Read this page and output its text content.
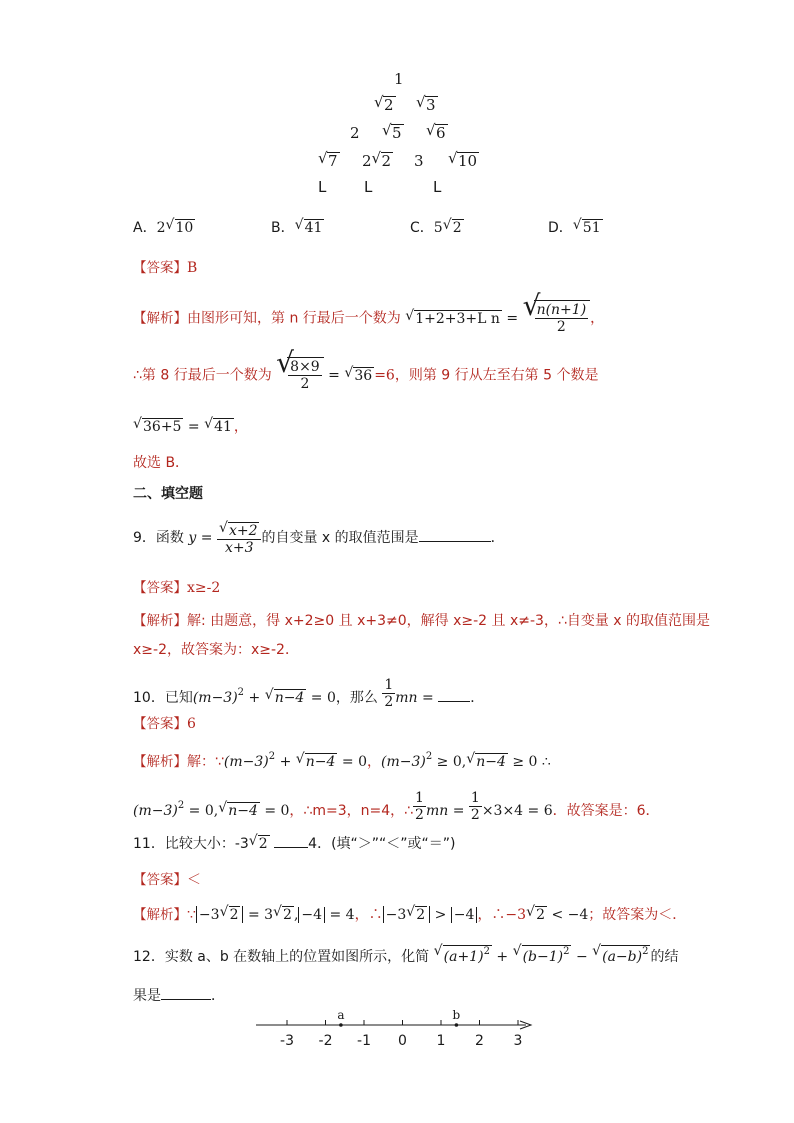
1
√ 2 √ 3
2 √ 5 √ 6
√ 7 2 √ 2 3 √ 10
L	L	L
A．2 √ 10	B． √ 41	C．5 √ 2	D． √ 51
【答案】B
【解析】由图形可知，第 n 行最后一个数为 √ 1+2+3+L n = √
$\frac{n(n+1)}{2}$ ，
∴第 8 行最后一个数为 √
$\frac{8\times 9}{2}$ = √ 36 =6，则第 9 行从左至右第 5 个数是
√ 36+5 = √ 41 ，
故选 B．
二、填空题
9．函数 $y = \frac{√ x+2}{x+3}$ 的自变量 x 的取值范围是	．
【答案】x≥-2
【解析】解: 由题意，得 x+2≥0 且 x+3≠0，解得 x≥-2 且 x≠-3，∴自变量 x 的取值范围是
x≥-2，故答案为：x≥-2．
10．已知$(m-3)^2$ + √ n−4 = 0，那么 $\frac{1}{2}$ mn =	．
【答案】6
【解析】解：$\because(m-3)^2$ + √ n−4 = 0，$(m-3)^2 \ge 0$, √ n−4 ≥ 0 ∴
$(m-3)^2 = 0$, √ n−4 = 0，∴m=3，n=4，∴ $\frac{1}{2}$ mn = $\frac{1}{2} \times 3\times 4 = 6$．故答案是：6．
11．比较大小：-3 √ 2	4．(填“＞”“＜”或“＝”)
【答案】＜
【解析】∵ −3 √ 2 = 3 √ 2 , −4 = 4，∴ −3 √ 2 > −4 ，∴−3 √ 2 < −4；故答案为＜．
12．实数 a、b 在数轴上的位置如图所示，化简 √ $(a+1)^2$ + √ $(b-1)^2$ − √ $(a-b)^2$ 的结
果是	．
-3 -2 -1 0 1 2 3
a	b
